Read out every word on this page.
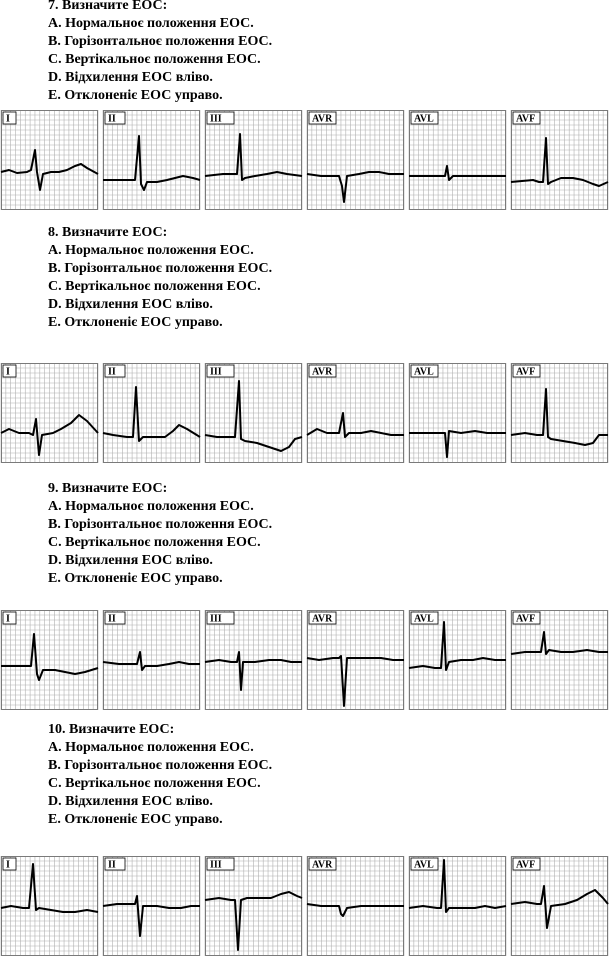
7. Визначите ЕОС:

A. Нормальноє положення ЕОС.

B. Горізонтальноє положення ЕОС.

C. Вертікальноє положення ЕОС.

D. Відхилення ЕОС вліво.

E. Отклоненіє ЕОС управо.

I	II	III	AVR	AVL	AVF

8. Визначите ЕОС:

A. Нормальноє положення ЕОС.

B. Горізонтальноє положення ЕОС.

C. Вертікальноє положення ЕОС.

D. Відхилення ЕОС вліво.

E. Отклоненіє ЕОС управо.

I	II	III	AVR	AVL	AVF

9. Визначите ЕОС:

A. Нормальноє положення ЕОС.

B. Горізонтальноє положення ЕОС.

C. Вертікальноє положення ЕОС.

D. Відхилення ЕОС вліво.

E. Отклоненіє ЕОС управо.

I	II	III	AVR	AVL	AVF

10. Визначите ЕОС:

A. Нормальноє положення ЕОС.

B. Горізонтальноє положення ЕОС.

C. Вертікальноє положення ЕОС.

D. Відхилення ЕОС вліво.

E. Отклоненіє ЕОС управо.

I	II	III	AVR	AVL	AVF
